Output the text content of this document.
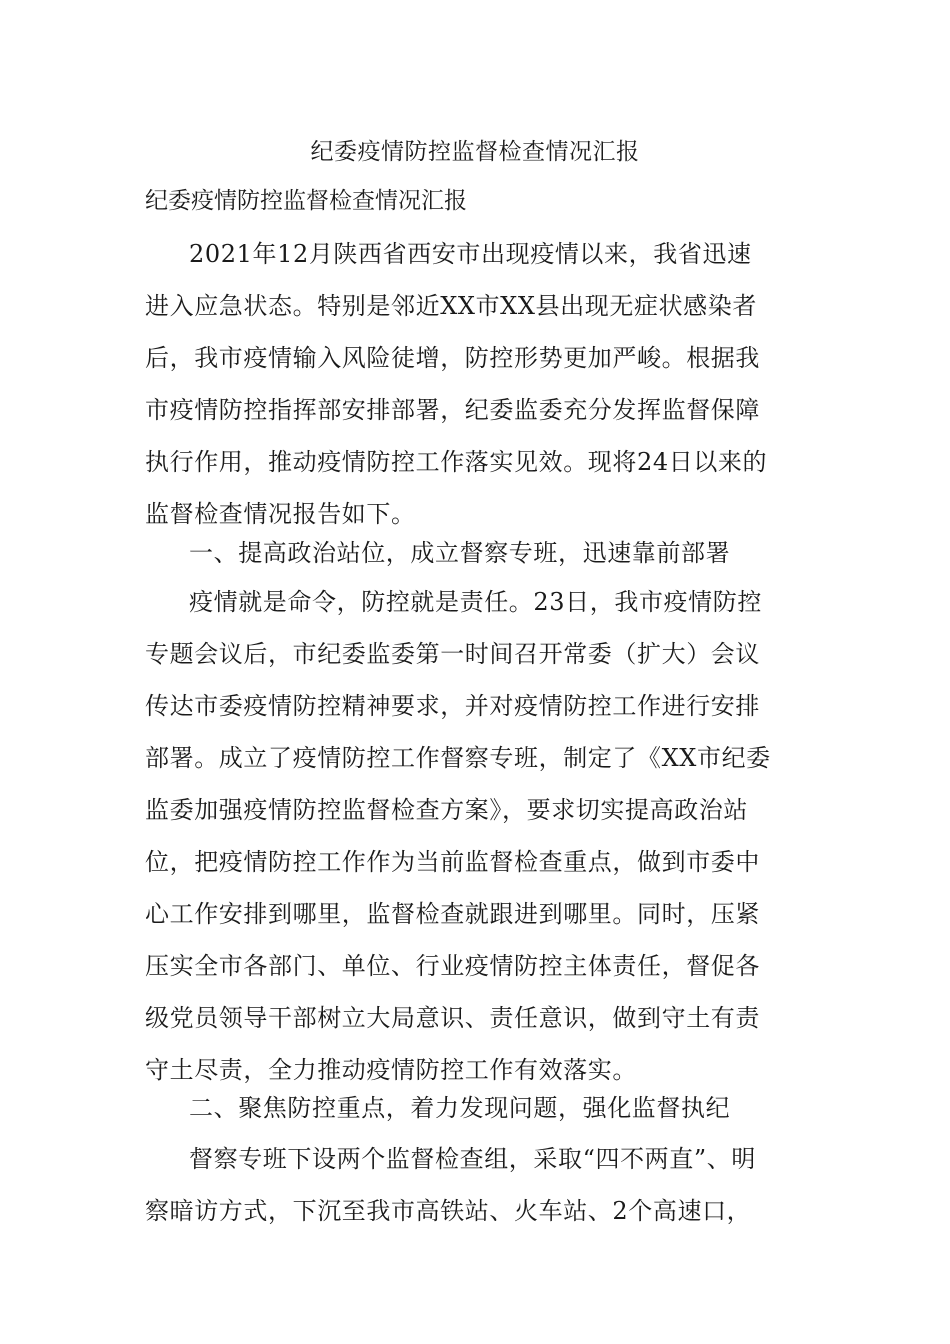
纪委疫情防控监督检查情况汇报
纪委疫情防控监督检查情况汇报
2021年12月陕西省西安市出现疫情以来，我省迅速
进入应急状态。特别是邻近XX市XX县出现无症状感染者
后，我市疫情输入风险徒增，防控形势更加严峻。根据我
市疫情防控指挥部安排部署，纪委监委充分发挥监督保障
执行作用，推动疫情防控工作落实见效。现将24日以来的
监督检查情况报告如下。
一、提高政治站位，成立督察专班，迅速靠前部署
疫情就是命令，防控就是责任。23日，我市疫情防控
专题会议后，市纪委监委第一时间召开常委（扩大）会议
传达市委疫情防控精神要求，并对疫情防控工作进行安排
部署。成立了疫情防控工作督察专班，制定了《XX市纪委
监委加强疫情防控监督检查方案》，要求切实提高政治站
位，把疫情防控工作作为当前监督检查重点，做到市委中
心工作安排到哪里，监督检查就跟进到哪里。同时，压紧
压实全市各部门、单位、行业疫情防控主体责任，督促各
级党员领导干部树立大局意识、责任意识，做到守土有责
守土尽责，全力推动疫情防控工作有效落实。
二、聚焦防控重点，着力发现问题，强化监督执纪
督察专班下设两个监督检查组，采取“四不两直”、明
察暗访方式，下沉至我市高铁站、火车站、2个高速口，
